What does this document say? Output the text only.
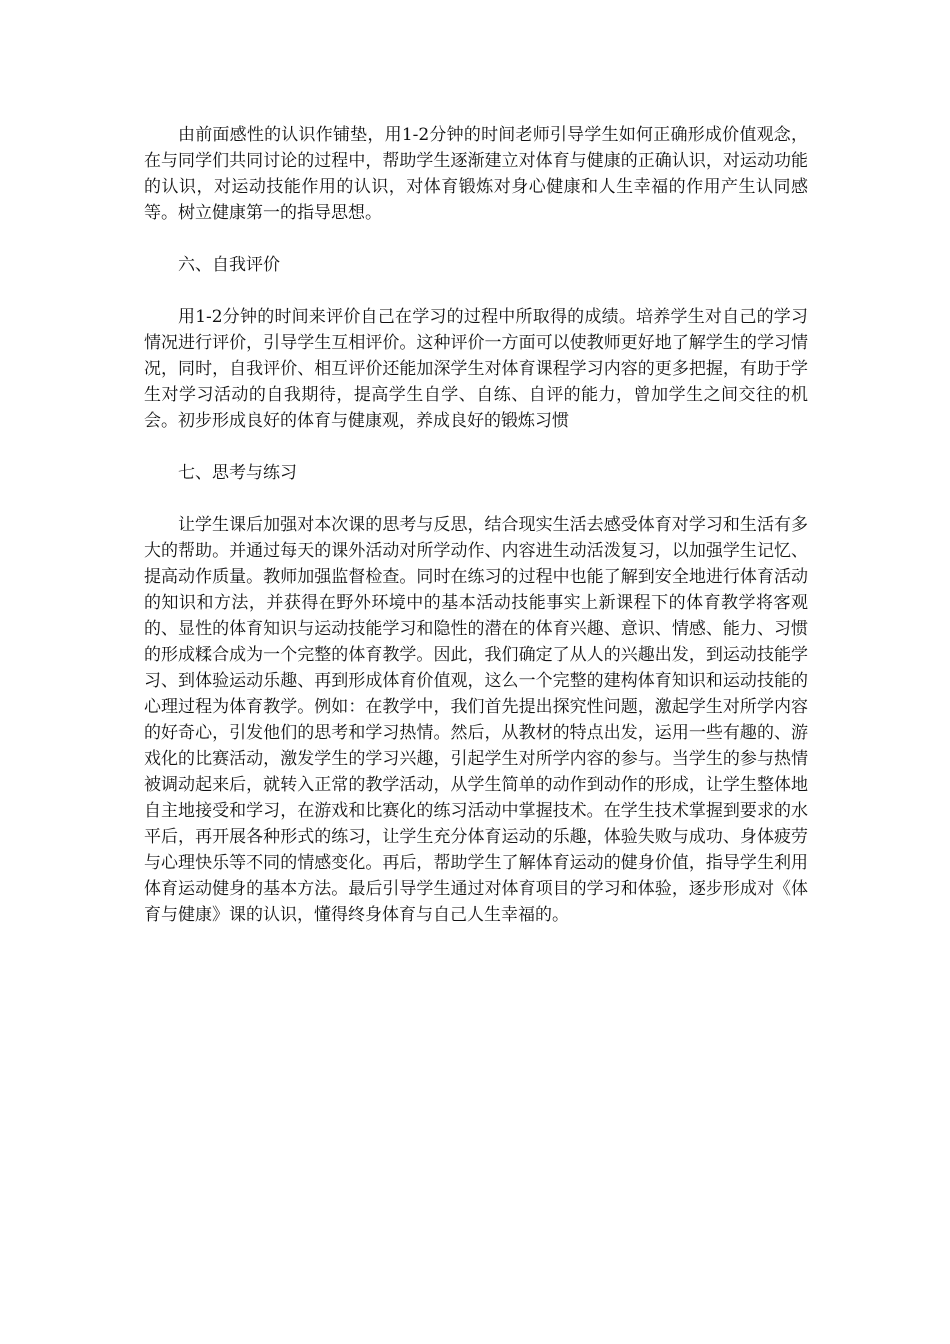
由前面感性的认识作铺垫，用1-2分钟的时间老师引导学生如何正确形成价值观念，在与同学们共同讨论的过程中，帮助学生逐渐建立对体育与健康的正确认识，对运动功能的认识，对运动技能作用的认识，对体育锻炼对身心健康和人生幸福的作用产生认同感等。树立健康第一的指导思想。

六、自我评价

用1-2分钟的时间来评价自己在学习的过程中所取得的成绩。培养学生对自己的学习情况进行评价，引导学生互相评价。这种评价一方面可以使教师更好地了解学生的学习情况，同时，自我评价、相互评价还能加深学生对体育课程学习内容的更多把握，有助于学生对学习活动的自我期待，提高学生自学、自练、自评的能力，曾加学生之间交往的机会。初步形成良好的体育与健康观，养成良好的锻炼习惯

七、思考与练习

让学生课后加强对本次课的思考与反思，结合现实生活去感受体育对学习和生活有多大的帮助。并通过每天的课外活动对所学动作、内容进生动活泼复习，以加强学生记忆、提高动作质量。教师加强监督检查。同时在练习的过程中也能了解到安全地进行体育活动的知识和方法，并获得在野外环境中的基本活动技能事实上新课程下的体育教学将客观的、显性的体育知识与运动技能学习和隐性的潜在的体育兴趣、意识、情感、能力、习惯的形成糅合成为一个完整的体育教学。因此，我们确定了从人的兴趣出发，到运动技能学习、到体验运动乐趣、再到形成体育价值观，这么一个完整的建构体育知识和运动技能的心理过程为体育教学。例如：在教学中，我们首先提出探究性问题，激起学生对所学内容的好奇心，引发他们的思考和学习热情。然后，从教材的特点出发，运用一些有趣的、游戏化的比赛活动，激发学生的学习兴趣，引起学生对所学内容的参与。当学生的参与热情被调动起来后，就转入正常的教学活动，从学生简单的动作到动作的形成，让学生整体地自主地接受和学习，在游戏和比赛化的练习活动中掌握技术。在学生技术掌握到要求的水平后，再开展各种形式的练习，让学生充分体育运动的乐趣，体验失败与成功、身体疲劳与心理快乐等不同的情感变化。再后，帮助学生了解体育运动的健身价值，指导学生利用体育运动健身的基本方法。最后引导学生通过对体育项目的学习和体验，逐步形成对《体育与健康》课的认识，懂得终身体育与自己人生幸福的。
